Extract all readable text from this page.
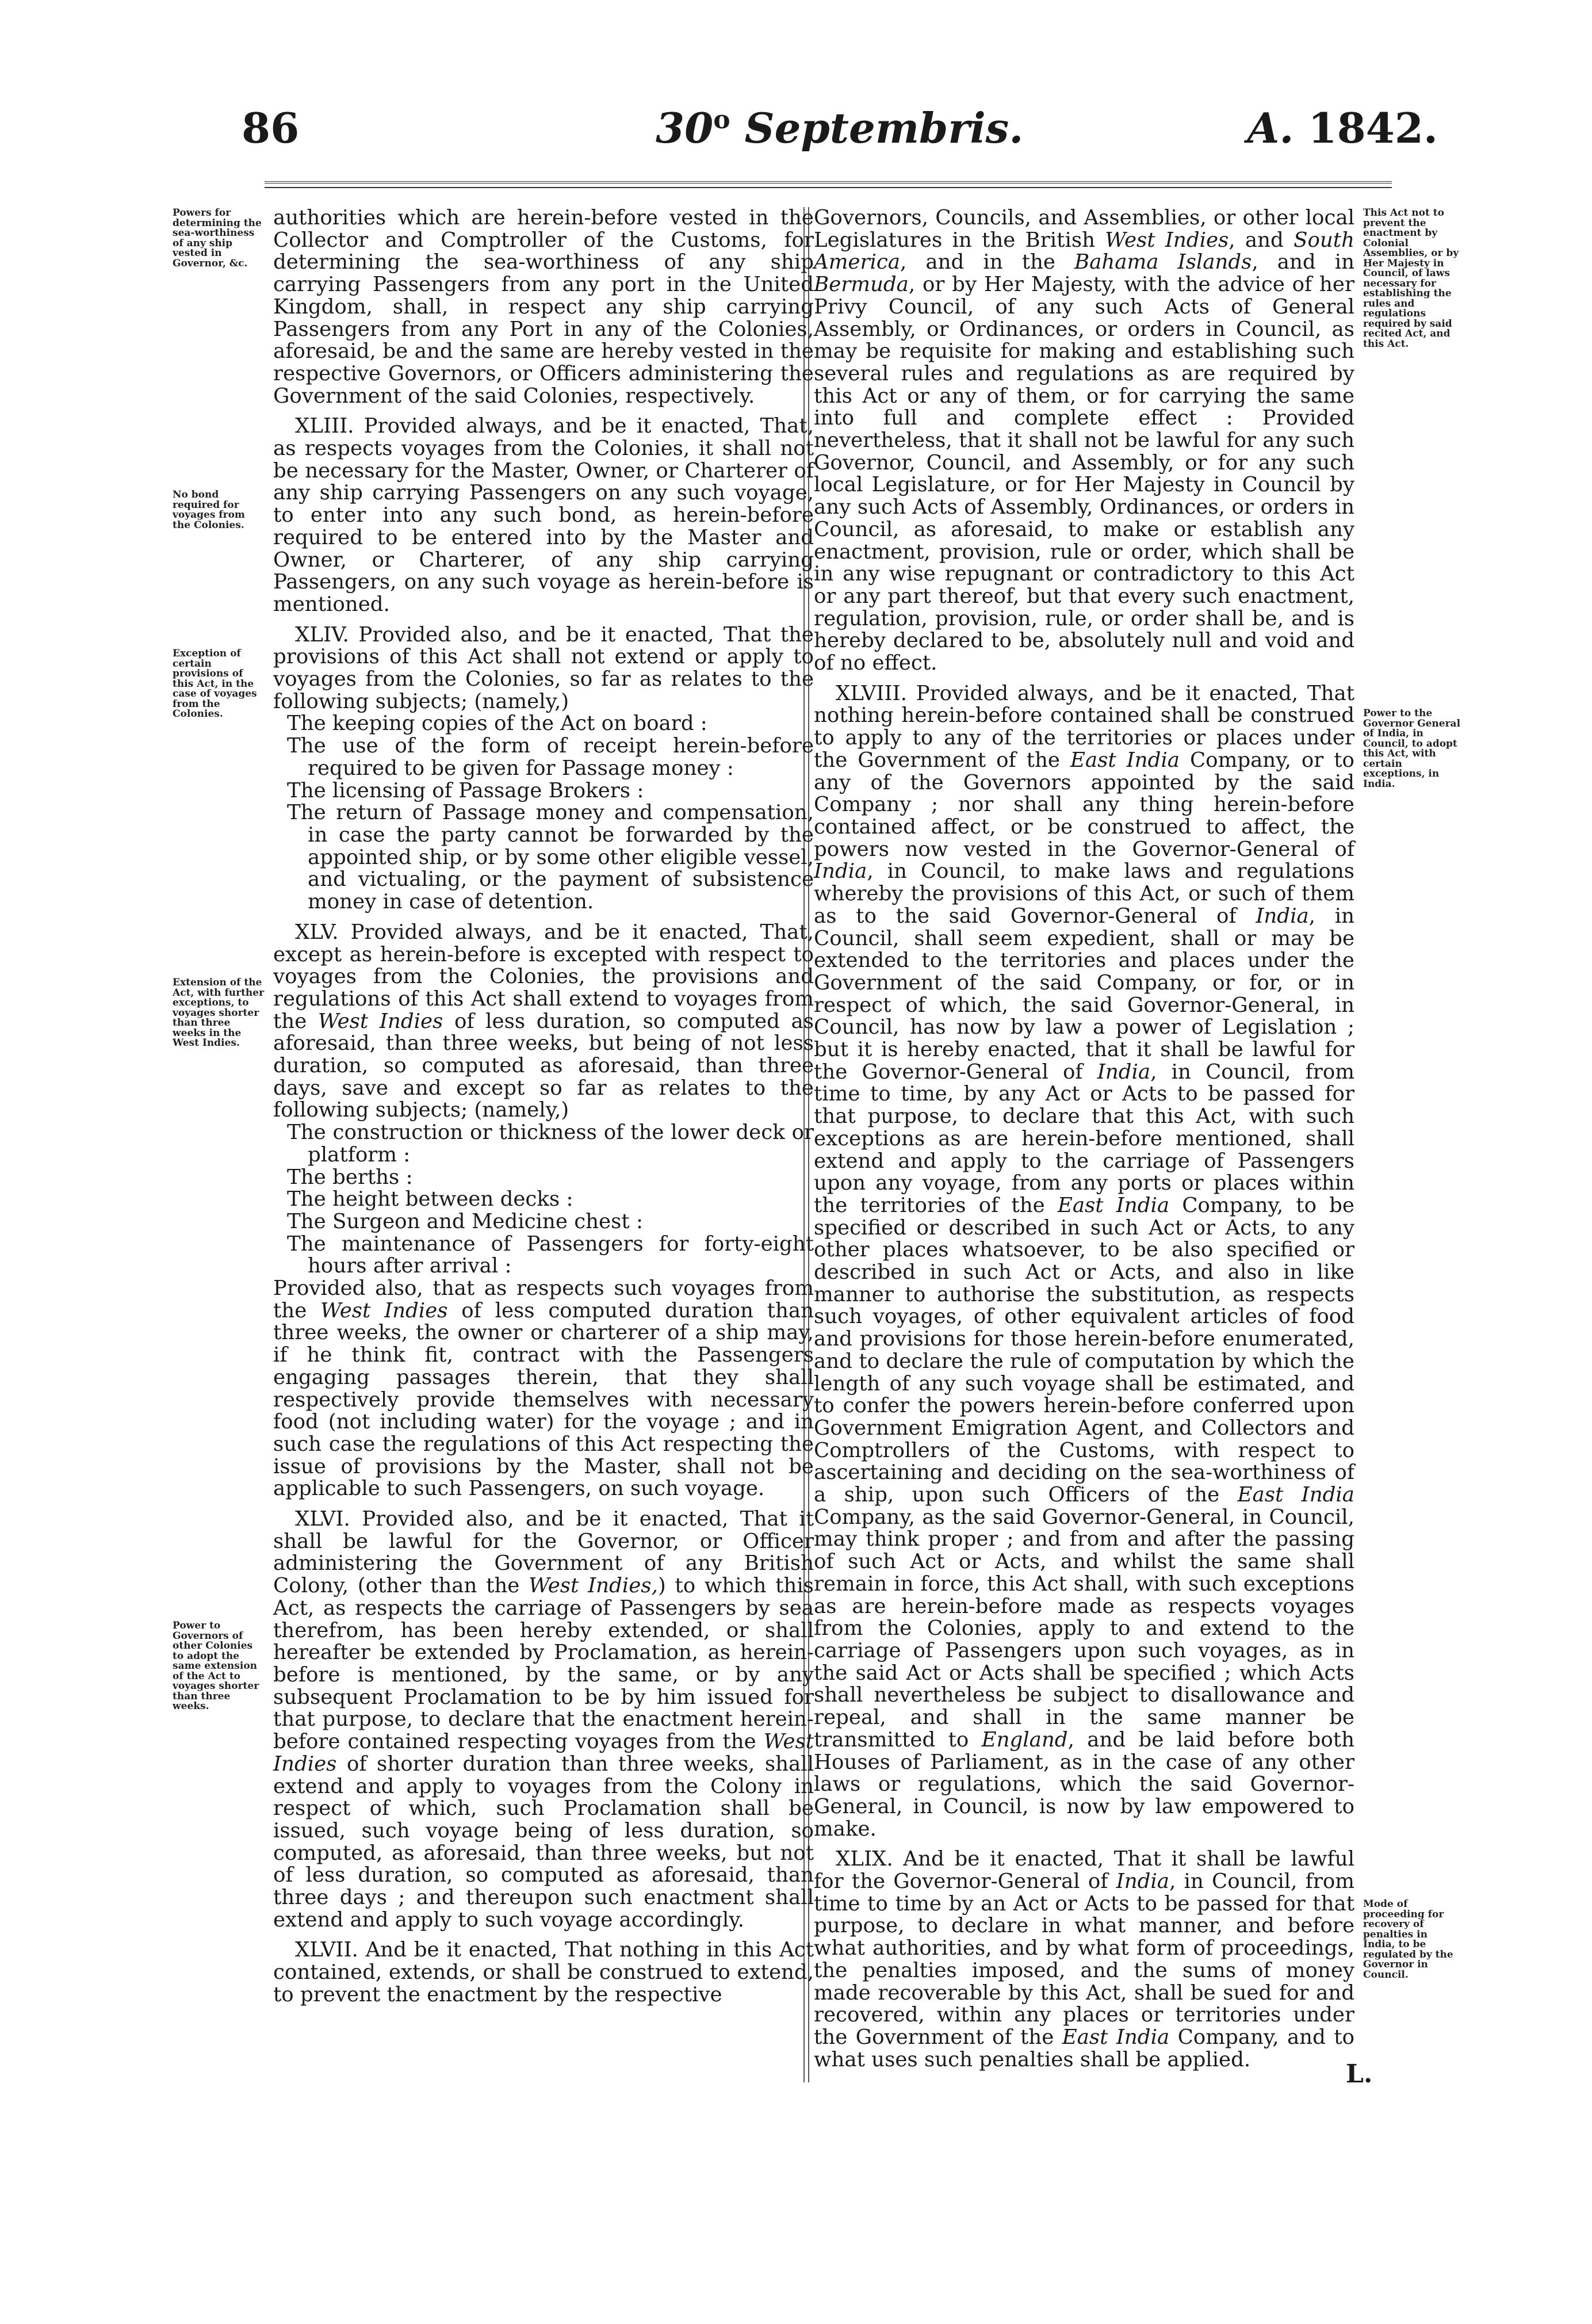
86	30$^o$ Septembris.	A. 1842.
Powers for determining the sea-worthiness of any ship vested in Governor, &c.
No bond required for voyages from the Colonies.
Exception of certain provisions of this Act, in the case of voyages from the Colonies.
Extension of the Act, with further exceptions, to voyages shorter than three weeks in the West Indies.
Power to Governors of other Colonies to adopt the same extension of the Act to voyages shorter than three weeks.
This Act not to prevent the enactment by Colonial Assemblies, or by Her Majesty in Council, of laws necessary for establishing the rules and regulations required by said recited Act, and this Act.
Power to the Governor General of India, in Council, to adopt this Act, with certain exceptions, in India.
Mode of proceeding for recovery of penalties in India, to be regulated by the Governor in Council.

authorities which are herein-before vested in the Collector and Comptroller of the Customs, for determining the sea-worthiness of any ship carrying Passengers from any port in the United Kingdom, shall, in respect any ship carrying Passengers from any Port in any of the Colonies, aforesaid, be and the same are hereby vested in the respective Governors, or Officers administering the Government of the said Colonies, respectively.

XLIII. Provided always, and be it enacted, That, as respects voyages from the Colonies, it shall not be necessary for the Master, Owner, or Charterer of any ship carrying Passengers on any such voyage, to enter into any such bond, as herein-before required to be entered into by the Master and Owner, or Charterer, of any ship carrying Passengers, on any such voyage as herein-before is mentioned.

XLIV. Provided also, and be it enacted, That the provisions of this Act shall not extend or apply to voyages from the Colonies, so far as relates to the following subjects; (namely,)

The keeping copies of the Act on board :

The use of the form of receipt herein-before required to be given for Passage money :

The licensing of Passage Brokers :

The return of Passage money and compensation, in case the party cannot be forwarded by the appointed ship, or by some other eligible vessel, and victualing, or the payment of subsistence money in case of detention.

XLV. Provided always, and be it enacted, That, except as herein-before is excepted with respect to voyages from the Colonies, the provisions and regulations of this Act shall extend to voyages from the West Indies of less duration, so computed as aforesaid, than three weeks, but being of not less duration, so computed as aforesaid, than three days, save and except so far as relates to the following subjects; (namely,)

The construction or thickness of the lower deck or platform :

The berths :

The height between decks :

The Surgeon and Medicine chest :

The maintenance of Passengers for forty-eight hours after arrival :

Provided also, that as respects such voyages from the West Indies of less computed duration than three weeks, the owner or charterer of a ship may, if he think fit, contract with the Passengers engaging passages therein, that they shall respectively provide themselves with necessary food (not including water) for the voyage ; and in such case the regulations of this Act respecting the issue of provisions by the Master, shall not be applicable to such Passengers, on such voyage.

XLVI. Provided also, and be it enacted, That it shall be lawful for the Governor, or Officer administering the Government of any British Colony, (other than the West Indies,) to which this Act, as respects the carriage of Passengers by sea therefrom, has been hereby extended, or shall hereafter be extended by Proclamation, as herein-before is mentioned, by the same, or by any subsequent Proclamation to be by him issued for that purpose, to declare that the enactment herein-before contained respecting voyages from the West Indies of shorter duration than three weeks, shall extend and apply to voyages from the Colony in respect of which, such Proclamation shall be issued, such voyage being of less duration, so computed, as aforesaid, than three weeks, but not of less duration, so computed as aforesaid, than three days ; and thereupon such enactment shall extend and apply to such voyage accordingly.

XLVII. And be it enacted, That nothing in this Act contained, extends, or shall be construed to extend, to prevent the enactment by the respective

Governors, Councils, and Assemblies, or other local Legislatures in the British West Indies, and South America, and in the Bahama Islands, and in Bermuda, or by Her Majesty, with the advice of her Privy Council, of any such Acts of General Assembly, or Ordinances, or orders in Council, as may be requisite for making and establishing such several rules and regulations as are required by this Act or any of them, or for carrying the same into full and complete effect : Provided nevertheless, that it shall not be lawful for any such Governor, Council, and Assembly, or for any such local Legislature, or for Her Majesty in Council by any such Acts of Assembly, Ordinances, or orders in Council, as aforesaid, to make or establish any enactment, provision, rule or order, which shall be in any wise repugnant or contradictory to this Act or any part thereof, but that every such enactment, regulation, provision, rule, or order shall be, and is hereby declared to be, absolutely null and void and of no effect.

XLVIII. Provided always, and be it enacted, That nothing herein-before contained shall be construed to apply to any of the territories or places under the Government of the East India Company, or to any of the Governors appointed by the said Company ; nor shall any thing herein-before contained affect, or be construed to affect, the powers now vested in the Governor-General of India, in Council, to make laws and regulations whereby the provisions of this Act, or such of them as to the said Governor-General of India, in Council, shall seem expedient, shall or may be extended to the territories and places under the Government of the said Company, or for, or in respect of which, the said Governor-General, in Council, has now by law a power of Legislation ; but it is hereby enacted, that it shall be lawful for the Governor-General of India, in Council, from time to time, by any Act or Acts to be passed for that purpose, to declare that this Act, with such exceptions as are herein-before mentioned, shall extend and apply to the carriage of Passengers upon any voyage, from any ports or places within the territories of the East India Company, to be specified or described in such Act or Acts, to any other places whatsoever, to be also specified or described in such Act or Acts, and also in like manner to authorise the substitution, as respects such voyages, of other equivalent articles of food and provisions for those herein-before enumerated, and to declare the rule of computation by which the length of any such voyage shall be estimated, and to confer the powers herein-before conferred upon Government Emigration Agent, and Collectors and Comptrollers of the Customs, with respect to ascertaining and deciding on the sea-worthiness of a ship, upon such Officers of the East India Company, as the said Governor-General, in Council, may think proper ; and from and after the passing of such Act or Acts, and whilst the same shall remain in force, this Act shall, with such exceptions as are herein-before made as respects voyages from the Colonies, apply to and extend to the carriage of Passengers upon such voyages, as in the said Act or Acts shall be specified ; which Acts shall nevertheless be subject to disallowance and repeal, and shall in the same manner be transmitted to England, and be laid before both Houses of Parliament, as in the case of any other laws or regulations, which the said Governor-General, in Council, is now by law empowered to make.

XLIX. And be it enacted, That it shall be lawful for the Governor-General of India, in Council, from time to time by an Act or Acts to be passed for that purpose, to declare in what manner, and before what authorities, and by what form of proceedings, the penalties imposed, and the sums of money made recoverable by this Act, shall be sued for and recovered, within any places or territories under the Government of the East India Company, and to what uses such penalties shall be applied.	L.
